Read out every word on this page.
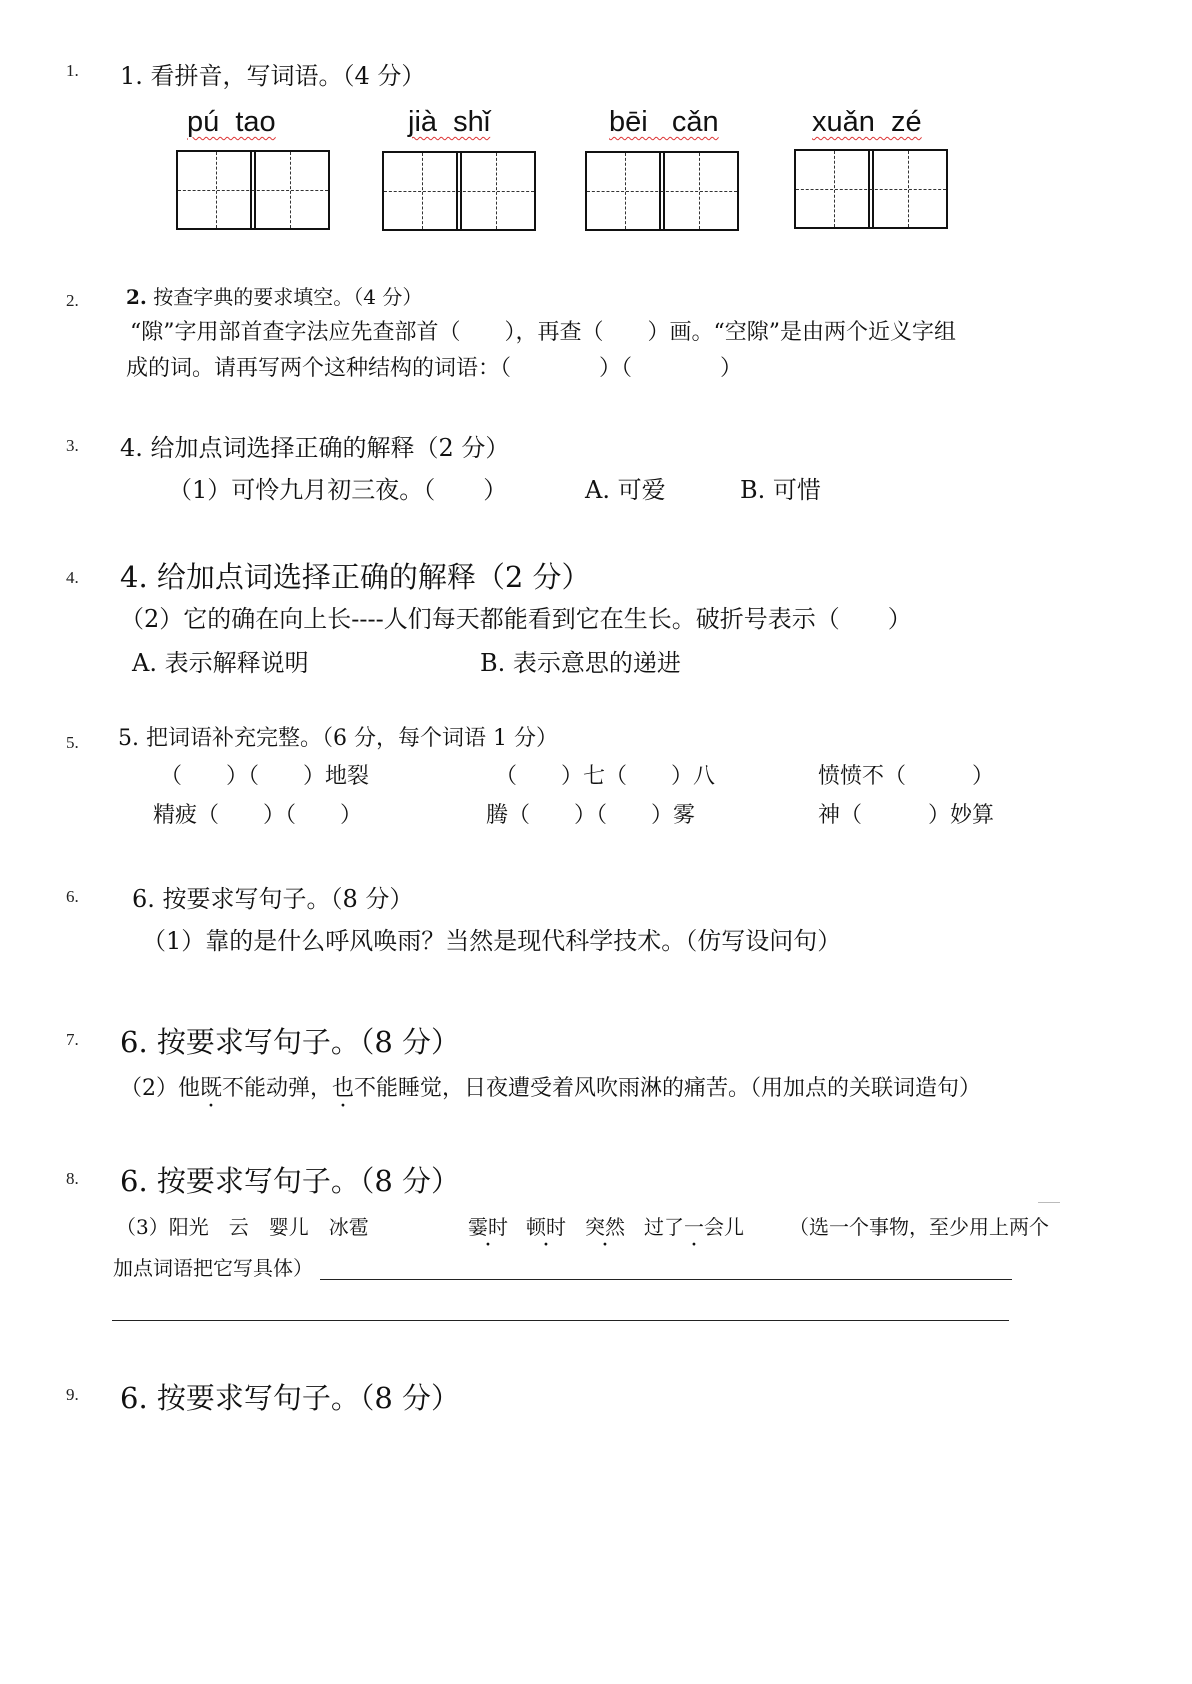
1. 1. 看拼音，写词语。（4 分）
pú  tao	jià  shǐ	bēi   cǎn	xuǎn  zé
2. 2. 按查字典的要求填空。（4 分）
“隙”字用部首查字法应先查部首（　　），再查（　　）画。“空隙”是由两个近义字组
成的词。请再写两个这种结构的词语：（　　　　）（　　　　）
3. 4. 给加点词选择正确的解释（2 分）
（1）可怜九月初三夜。（　　）	A. 可爱	B. 可惜
4. 4. 给加点词选择正确的解释（2 分）
（2）它的确在向上长----人们每天都能看到它在生长。破折号表示（　　）
A. 表示解释说明	B. 表示意思的递进
5. 5. 把词语补充完整。（6 分，每个词语 1 分）
（　　）（　　）地裂	（　　）七（　　）八	愤愤不（　　　）
精疲（　　）（　　）	腾（　　）（　　）雾	神（　　　）妙算
6. 6. 按要求写句子。（8 分）
（1）靠的是什么呼风唤雨？当然是现代科学技术。（仿写设问句）
7. 6. 按要求写句子。（8 分）
（2）他既不能动弹，也不能睡觉，日夜遭受着风吹雨淋的痛苦。（用加点的关联词造句）
8. 6. 按要求写句子。（8 分）
（3）阳光　云　婴儿　冰雹	霎时 顿时 突然 过了一会儿 · （选一个事物，至少用上两个
加点词语把它写具体）
9. 6. 按要求写句子。（8 分）
